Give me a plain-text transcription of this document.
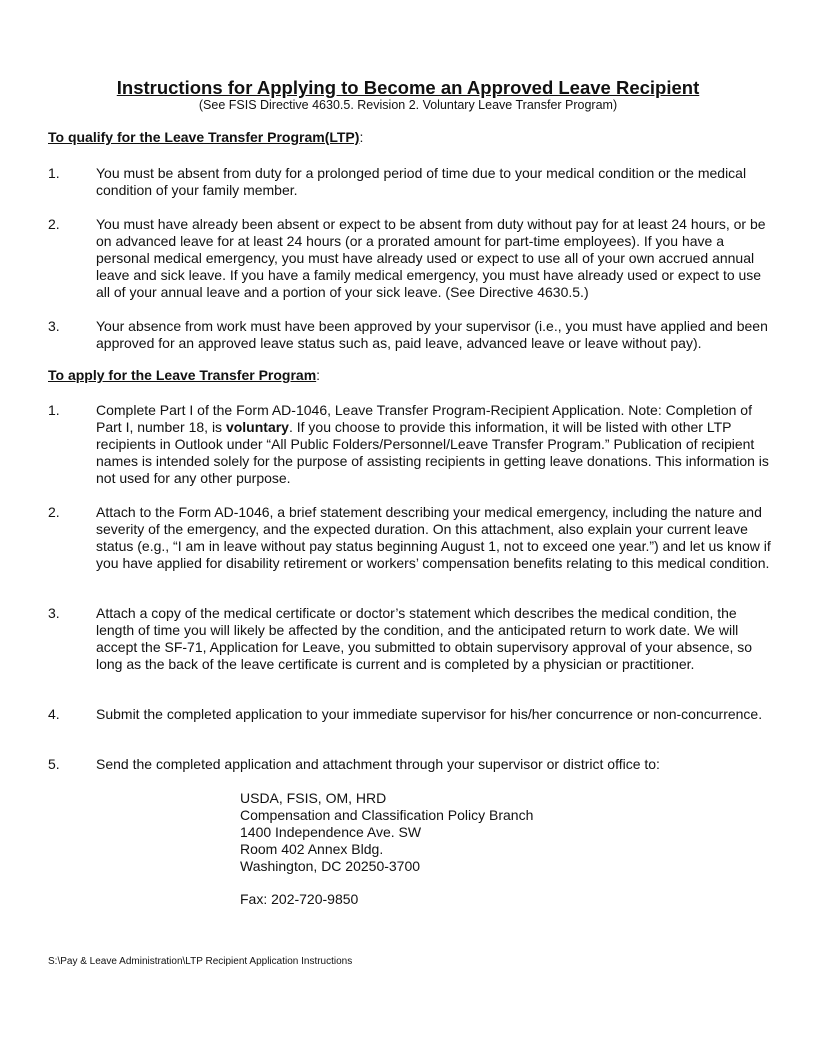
Instructions for Applying to Become an Approved Leave Recipient
(See FSIS Directive 4630.5. Revision 2. Voluntary Leave Transfer Program)
To qualify for the Leave Transfer Program(LTP):
1.	You must be absent from duty for a prolonged period of time due to your medical condition or the medical condition of your family member.
2.	You must have already been absent or expect to be absent from duty without pay for at least 24 hours, or be on advanced leave for at least 24 hours (or a prorated amount for part-time employees). If you have a personal medical emergency, you must have already used or expect to use all of your own accrued annual leave and sick leave. If you have a family medical emergency, you must have already used or expect to use all of your annual leave and a portion of your sick leave. (See Directive 4630.5.)
3.	Your absence from work must have been approved by your supervisor (i.e., you must have applied and been approved for an approved leave status such as, paid leave, advanced leave or leave without pay).
To apply for the Leave Transfer Program:
1.	Complete Part I of the Form AD-1046, Leave Transfer Program-Recipient Application. Note: Completion of Part I, number 18, is voluntary. If you choose to provide this information, it will be listed with other LTP recipients in Outlook under “All Public Folders/Personnel/Leave Transfer Program.” Publication of recipient names is intended solely for the purpose of assisting recipients in getting leave donations. This information is not used for any other purpose.
2.	Attach to the Form AD-1046, a brief statement describing your medical emergency, including the nature and severity of the emergency, and the expected duration. On this attachment, also explain your current leave status (e.g., “I am in leave without pay status beginning August 1, not to exceed one year.”) and let us know if you have applied for disability retirement or workers’ compensation benefits relating to this medical condition.
3.	Attach a copy of the medical certificate or doctor’s statement which describes the medical condition, the length of time you will likely be affected by the condition, and the anticipated return to work date. We will accept the SF-71, Application for Leave, you submitted to obtain supervisory approval of your absence, so long as the back of the leave certificate is current and is completed by a physician or practitioner.
4.	Submit the completed application to your immediate supervisor for his/her concurrence or non-concurrence.
5.	Send the completed application and attachment through your supervisor or district office to:
USDA, FSIS, OM, HRD
Compensation and Classification Policy Branch
1400 Independence Ave. SW
Room 402 Annex Bldg.
Washington, DC 20250-3700
Fax: 202-720-9850
S:\Pay & Leave Administration\LTP Recipient Application Instructions
